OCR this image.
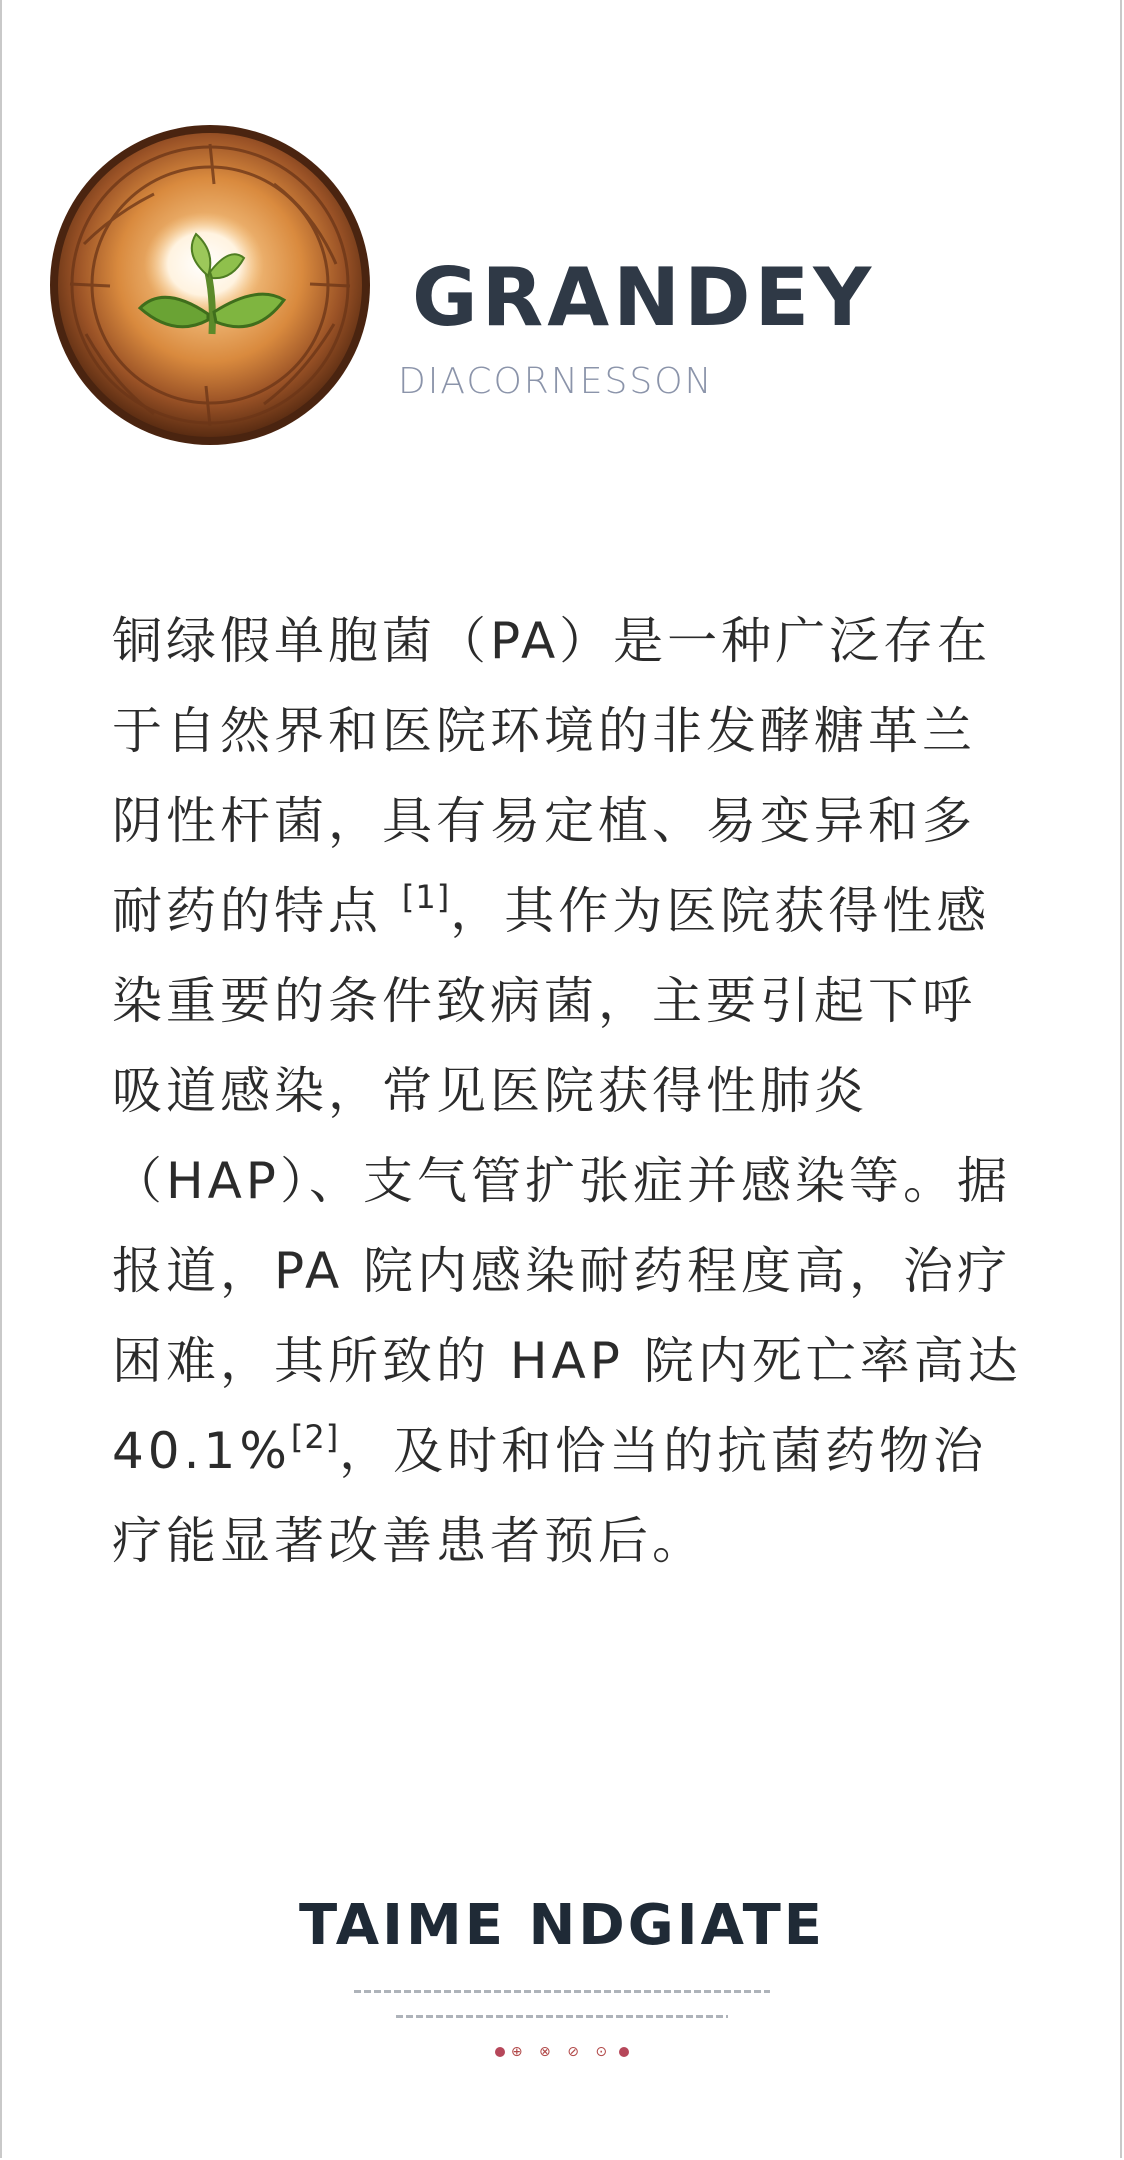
GRANDEY
DIACORNESSON
铜绿假单胞菌（PA）是一种广泛存在于自然界和医院环境的非发酵糖革兰阴性杆菌，具有易定植、易变异和多耐药的特点 [1]，其作为医院获得性感染重要的条件致病菌，主要引起下呼吸道感染，常见医院获得性肺炎（HAP）、支气管扩张症并感染等。据报道，PA 院内感染耐药程度高，治疗困难，其所致的 HAP 院内死亡率高达 40.1%[2]，及时和恰当的抗菌药物治疗能显著改善患者预后。
TAIME NDGIATE
⊕ ⊗ ⊘ ⊙
